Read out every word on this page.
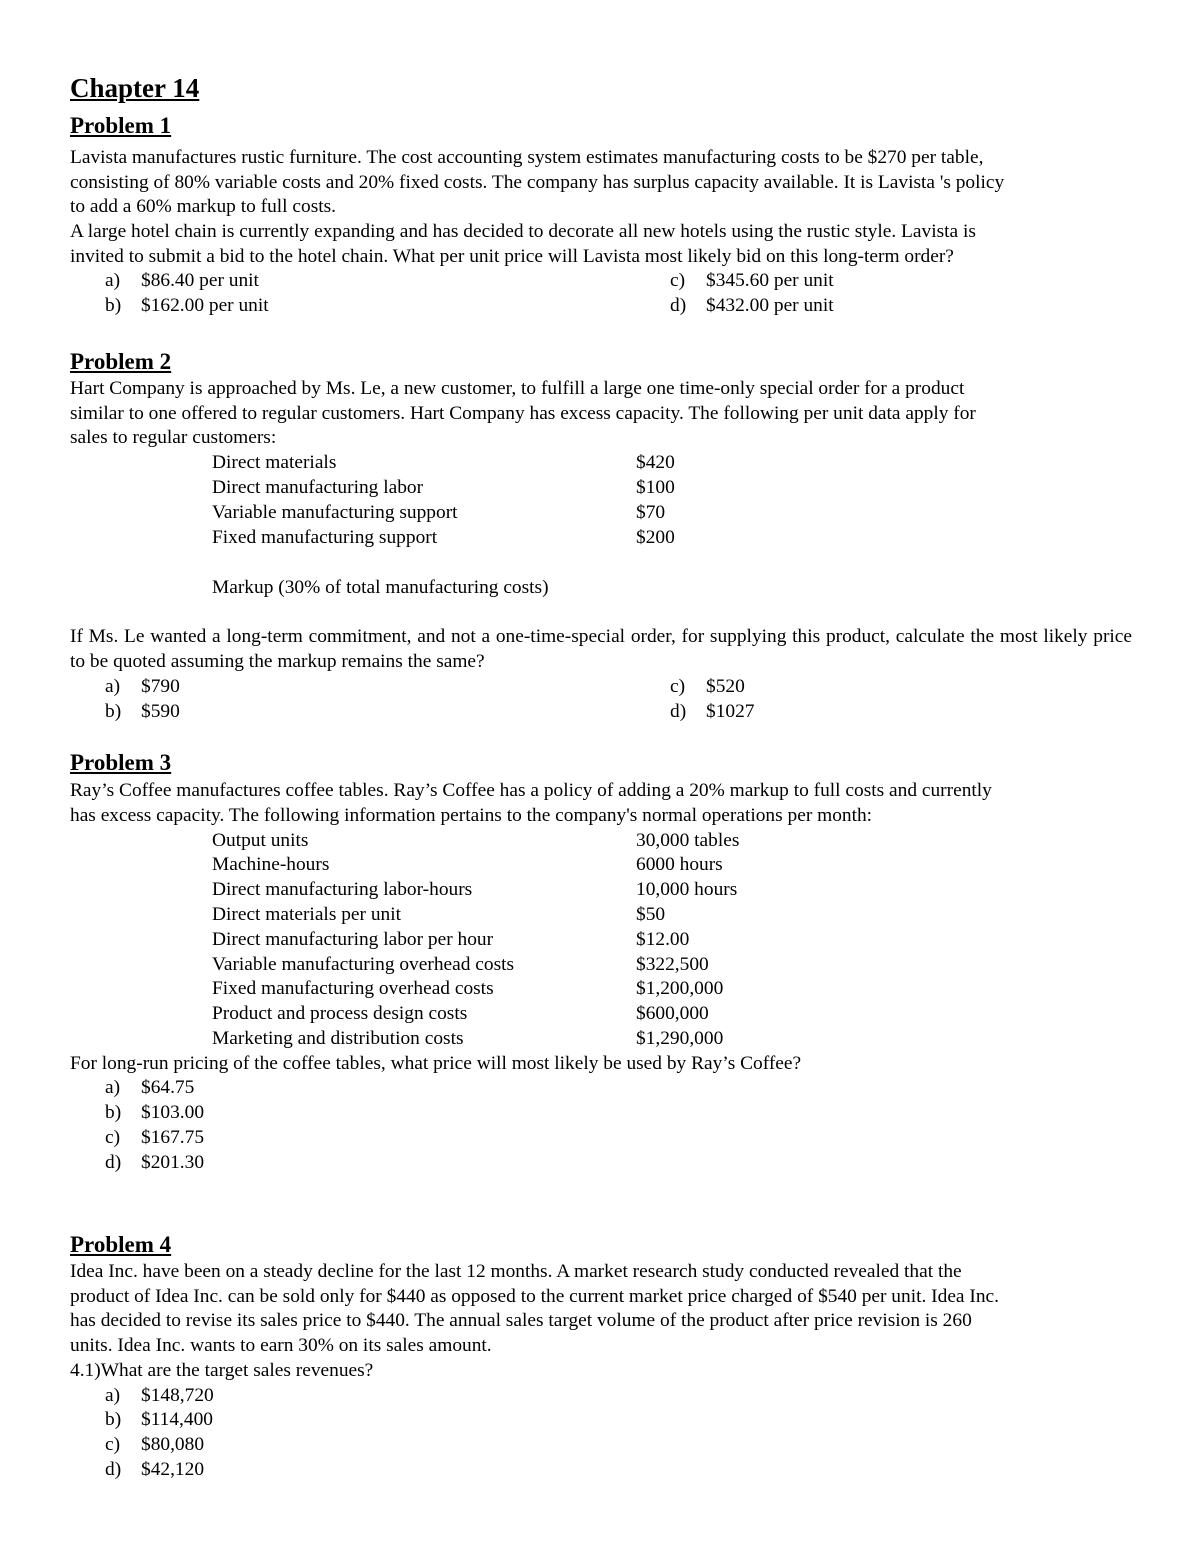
Chapter 14
Problem 1
Lavista manufactures rustic furniture. The cost accounting system estimates manufacturing costs to be $270 per table,
consisting of 80% variable costs and 20% fixed costs. The company has surplus capacity available. It is Lavista 's policy
to add a 60% markup to full costs.
A large hotel chain is currently expanding and has decided to decorate all new hotels using the rustic style. Lavista is
invited to submit a bid to the hotel chain. What per unit price will Lavista most likely bid on this long-term order?
a) $86.40 per unit
b) $162.00 per unit
c) $345.60 per unit
d) $432.00 per unit
Problem 2
Hart Company is approached by Ms. Le, a new customer, to fulfill a large one time-only special order for a product
similar to one offered to regular customers. Hart Company has excess capacity. The following per unit data apply for
sales to regular customers:
Direct materials	$420
Direct manufacturing labor	$100
Variable manufacturing support	$70
Fixed manufacturing support	$200
Markup (30% of total manufacturing costs)

If Ms. Le wanted a long-term commitment, and not a one-time-special order, for supplying this product, calculate the most likely price to be quoted assuming the markup remains the same?

a) $790
b) $590
c) $520
d) $1027
Problem 3
Ray’s Coffee manufactures coffee tables. Ray’s Coffee has a policy of adding a 20% markup to full costs and currently
has excess capacity. The following information pertains to the company's normal operations per month:
Output units	30,000 tables
Machine-hours	6000 hours
Direct manufacturing labor-hours	10,000 hours
Direct materials per unit	$50
Direct manufacturing labor per hour	$12.00
Variable manufacturing overhead costs	$322,500
Fixed manufacturing overhead costs	$1,200,000
Product and process design costs	$600,000
Marketing and distribution costs	$1,290,000
For long-run pricing of the coffee tables, what price will most likely be used by Ray’s Coffee?
a) $64.75
b) $103.00
c) $167.75
d) $201.30
Problem 4
Idea Inc. have been on a steady decline for the last 12 months. A market research study conducted revealed that the
product of Idea Inc. can be sold only for $440 as opposed to the current market price charged of $540 per unit. Idea Inc.
has decided to revise its sales price to $440. The annual sales target volume of the product after price revision is 260
units. Idea Inc. wants to earn 30% on its sales amount.
4.1)What are the target sales revenues?
a) $148,720
b) $114,400
c) $80,080
d) $42,120
